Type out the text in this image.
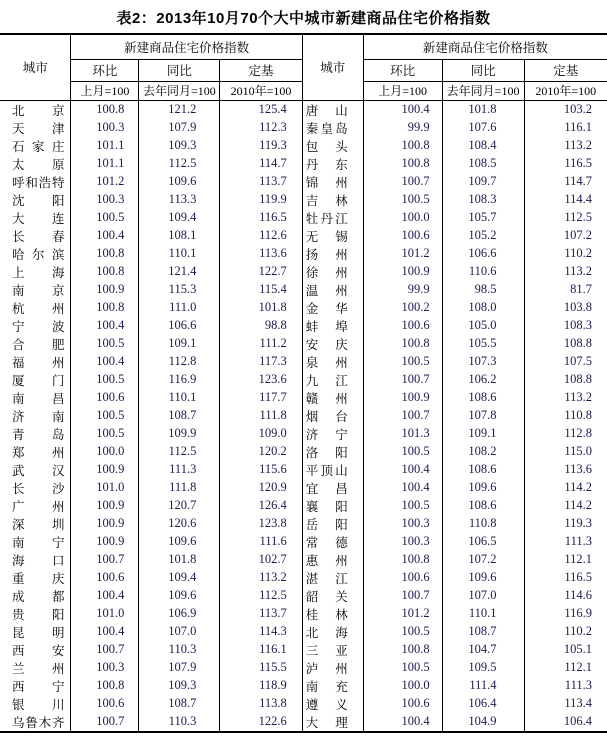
表2：2013年10月70个大中城市新建商品住宅价格指数
城市	新建商品住宅价格指数		
	环比	同比	定基
	上月=100	去年同月=100	2010年=100

北 京	100.8	121.2	125.4

天 津	100.3	107.9	112.3

石 家 庄	101.1	109.3	119.3

太 原	101.1	112.5	114.7

呼 和 浩 特	101.2	109.6	113.7

沈 阳	100.3	113.3	119.9

大 连	100.5	109.4	116.5

长 春	100.4	108.1	112.6

哈 尔 滨	100.8	110.1	113.6

上 海	100.8	121.4	122.7

南 京	100.9	115.3	115.4

杭 州	100.8	111.0	101.8

宁 波	100.4	106.6	98.8

合 肥	100.5	109.1	111.2

福 州	100.4	112.8	117.3

厦 门	100.5	116.9	123.6

南 昌	100.6	110.1	117.7

济 南	100.5	108.7	111.8

青 岛	100.5	109.9	109.0

郑 州	100.0	112.5	120.2

武 汉	100.9	111.3	115.6

长 沙	101.0	111.8	120.9

广 州	100.9	120.7	126.4

深 圳	100.9	120.6	123.8

南 宁	100.9	109.6	111.6

海 口	100.7	101.8	102.7

重 庆	100.6	109.4	113.2

成 都	100.4	109.6	112.5

贵 阳	101.0	106.9	113.7

昆 明	100.4	107.0	114.3

西 安	100.7	110.3	116.1

兰 州	100.3	107.9	115.5

西 宁	100.8	109.3	118.9

银 川	100.6	108.7	113.8

乌 鲁 木 齐	100.7	110.3	122.6
城市	新建商品住宅价格指数		
	环比	同比	定基
	上月=100	去年同月=100	2010年=100

唐 山	100.4	101.8	103.2

秦 皇 岛	99.9	107.6	116.1

包 头	100.8	108.4	113.2

丹 东	100.8	108.5	116.5

锦 州	100.7	109.7	114.7

吉 林	100.5	108.3	114.4

牡 丹 江	100.0	105.7	112.5

无 锡	100.6	105.2	107.2

扬 州	101.2	106.6	110.2

徐 州	100.9	110.6	113.2

温 州	99.9	98.5	81.7

金 华	100.2	108.0	103.8

蚌 埠	100.6	105.0	108.3

安 庆	100.8	105.5	108.8

泉 州	100.5	107.3	107.5

九 江	100.7	106.2	108.8

赣 州	100.9	108.6	113.2

烟 台	100.7	107.8	110.8

济 宁	101.3	109.1	112.8

洛 阳	100.5	108.2	115.0

平 顶 山	100.4	108.6	113.6

宜 昌	100.4	109.6	114.2

襄 阳	100.5	108.6	114.2

岳 阳	100.3	110.8	119.3

常 德	100.3	106.5	111.3

惠 州	100.8	107.2	112.1

湛 江	100.6	109.6	116.5

韶 关	100.7	107.0	114.6

桂 林	101.2	110.1	116.9

北 海	100.5	108.7	110.2

三 亚	100.8	104.7	105.1

泸 州	100.5	109.5	112.1

南 充	100.0	111.4	111.3

遵 义	100.6	106.4	113.4

大 理	100.4	104.9	106.4
